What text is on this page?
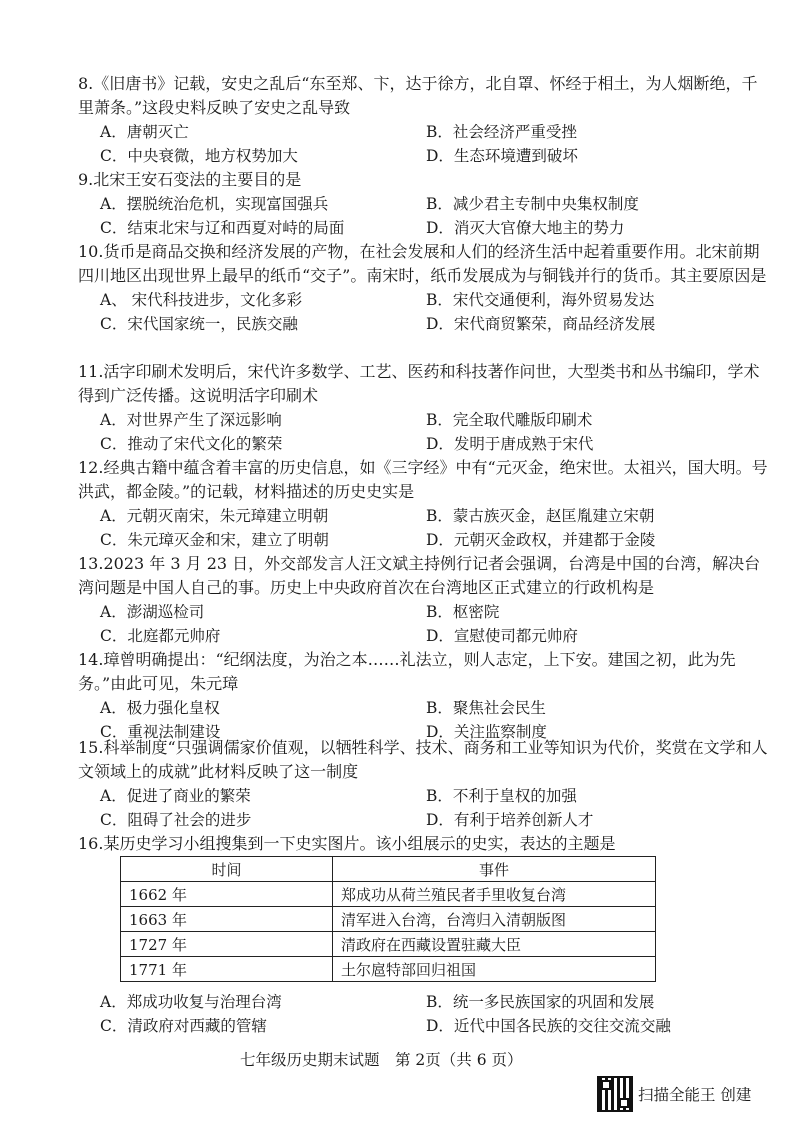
8.《旧唐书》记载，安史之乱后“东至郑、卞，达于徐方，北自罩、怀经于相土，为人烟断绝，千里萧条。”这段史料反映了安史之乱导致
A．唐朝灭亡	B．社会经济严重受挫
C．中央衰微，地方权势加大	D．生态环境遭到破坏
9.北宋王安石变法的主要目的是
A．摆脱统治危机，实现富国强兵	B．减少君主专制中央集权制度
C．结束北宋与辽和西夏对峙的局面	D．消灭大官僚大地主的势力
10.货币是商品交换和经济发展的产物，在社会发展和人们的经济生活中起着重要作用。北宋前期四川地区出现世界上最早的纸币“交子”。南宋时，纸币发展成为与铜钱并行的货币。其主要原因是
A、 宋代科技进步，文化多彩	B．宋代交通便利，海外贸易发达
C．宋代国家统一，民族交融	D．宋代商贸繁荣，商品经济发展
11.活字印刷术发明后，宋代许多数学、工艺、医药和科技著作问世，大型类书和丛书编印，学术得到广泛传播。这说明活字印刷术
A．对世界产生了深远影响	B．完全取代雕版印刷术
C．推动了宋代文化的繁荣	D．发明于唐成熟于宋代
12.经典古籍中蕴含着丰富的历史信息，如《三字经》中有“元灭金，绝宋世。太祖兴，国大明。号洪武，都金陵。”的记载，材料描述的历史史实是
A．元朝灭南宋，朱元璋建立明朝	B．蒙古族灭金，赵匡胤建立宋朝
C．朱元璋灭金和宋，建立了明朝	D．元朝灭金政权，并建都于金陵
13.2023 年 3 月 23 日，外交部发言人汪文斌主持例行记者会强调，台湾是中国的台湾，解决台湾问题是中国人自己的事。历史上中央政府首次在台湾地区正式建立的行政机构是
A．澎湖巡检司	B．枢密院
C．北庭都元帅府	D．宣慰使司都元帅府
14.璋曾明确提出：“纪纲法度，为治之本……礼法立，则人志定，上下安。建国之初，此为先务。”由此可见，朱元璋
A．极力强化皇权	B．聚焦社会民生
C．重视法制建设	D．关注监察制度
15.科举制度“只强调儒家价值观，以牺牲科学、技术、商务和工业等知识为代价，奖赏在文学和人文领域上的成就”此材料反映了这一制度
A．促进了商业的繁荣	B．不利于皇权的加强
C．阻碍了社会的进步	D．有利于培养创新人才
16.某历史学习小组搜集到一下史实图片。该小组展示的史实，表达的主题是
时间	事件
1662 年	郑成功从荷兰殖民者手里收复台湾
1663 年	清军进入台湾，台湾归入清朝版图
1727 年	清政府在西藏设置驻藏大臣
1771 年	土尔扈特部回归祖国
A．郑成功收复与治理台湾	B．统一多民族国家的巩固和发展
C．清政府对西藏的管辖	D．近代中国各民族的交往交流交融
七年级历史期末试题　第 2页（共 6 页）
扫描全能王 创建
